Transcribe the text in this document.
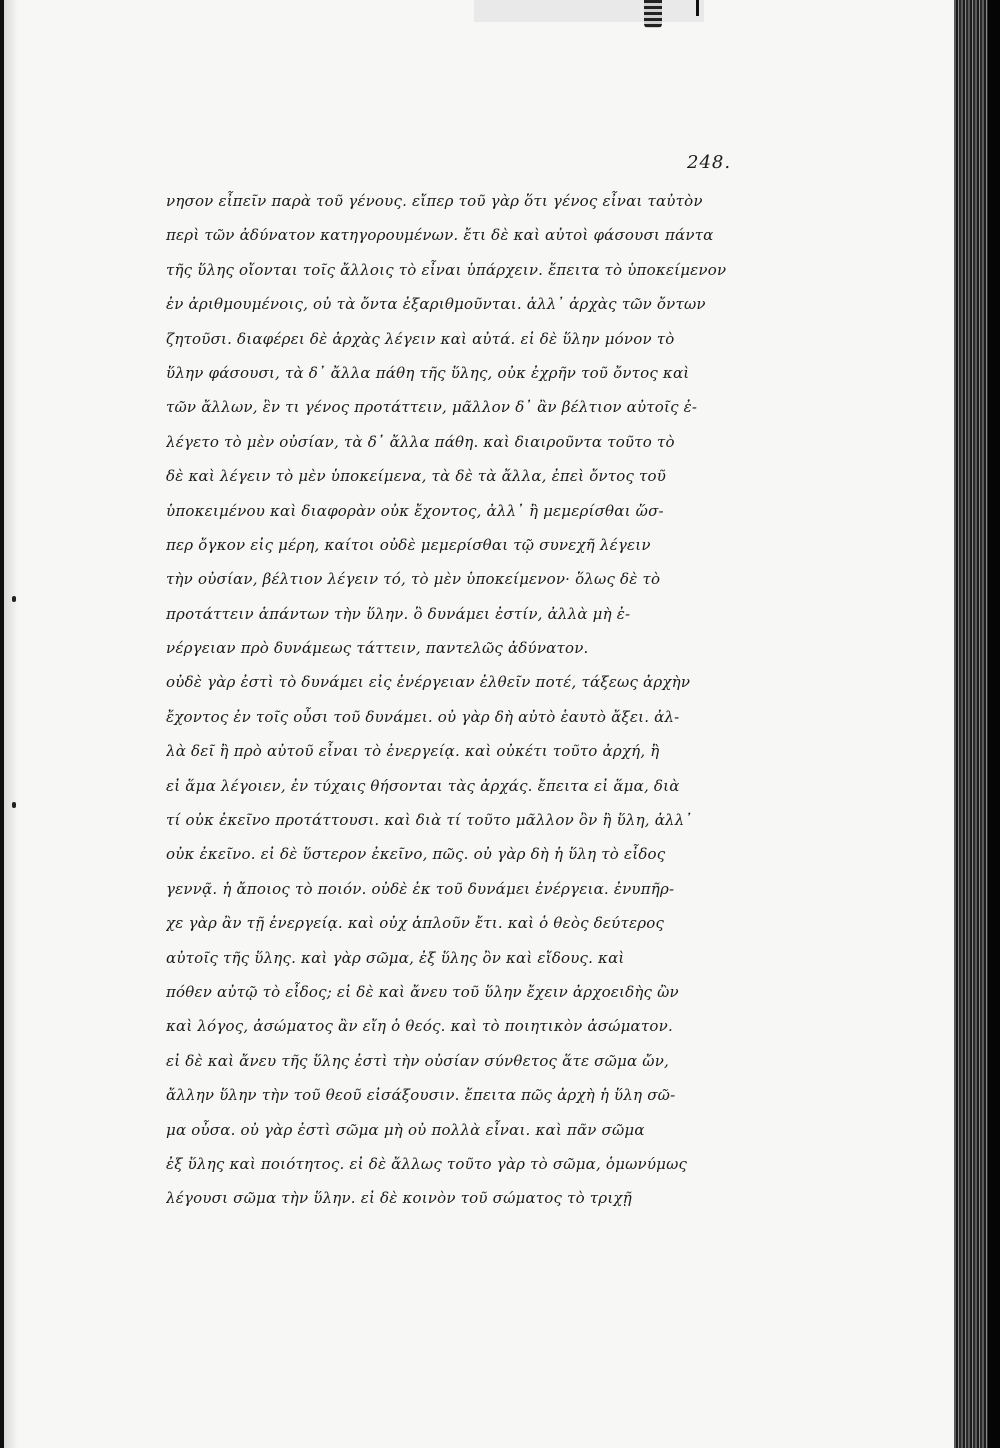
248.
νησον εἶπεῖν παρὰ τοῦ γένους. εἴπερ τοῦ γὰρ ὅτι γένος εἶναι ταὐτὸν
περὶ τῶν ἀδύνατον κατηγορουμένων. ἔτι δὲ καὶ αὐτοὶ φάσουσι πάντα
τῆς ὕλης οἴονται τοῖς ἄλλοις τὸ εἶναι ὑπάρχειν. ἔπειτα τὸ ὑποκείμενον
ἐν ἀριθμουμένοις, οὐ τὰ ὄντα ἐξαριθμοῦνται. ἀλλ᾽ ἀρχὰς τῶν ὄντων
ζητοῦσι. διαφέρει δὲ ἀρχὰς λέγειν καὶ αὐτά. εἰ δὲ ὕλην μόνον τὸ
ὕλην φάσουσι, τὰ δ᾽ ἄλλα πάθη τῆς ὕλης, οὐκ ἐχρῆν τοῦ ὄντος καὶ
τῶν ἄλλων, ἓν τι γένος προτάττειν, μᾶλλον δ᾽ ἂν βέλτιον αὐτοῖς ἐ-
λέγετο τὸ μὲν οὐσίαν, τὰ δ᾽ ἄλλα πάθη. καὶ διαιροῦντα τοῦτο τὸ
δὲ καὶ λέγειν τὸ μὲν ὑποκείμενα, τὰ δὲ τὰ ἄλλα, ἐπεὶ ὄντος τοῦ
ὑποκειμένου καὶ διαφορὰν οὐκ ἔχοντος, ἀλλ᾽ ἢ μεμερίσθαι ὥσ-
περ ὄγκον εἰς μέρη, καίτοι οὐδὲ μεμερίσθαι τῷ συνεχῆ λέγειν
τὴν οὐσίαν, βέλτιον λέγειν τό, τὸ μὲν ὑποκείμενον· ὅλως δὲ τὸ
προτάττειν ἁπάντων τὴν ὕλην. ὃ δυνάμει ἐστίν, ἀλλὰ μὴ ἐ-
νέργειαν πρὸ δυνάμεως τάττειν, παντελῶς ἀδύνατον.
οὐδὲ γὰρ ἐστὶ τὸ δυνάμει εἰς ἐνέργειαν ἐλθεῖν ποτέ, τάξεως ἀρχὴν
ἔχοντος ἐν τοῖς οὖσι τοῦ δυνάμει. οὐ γὰρ δὴ αὐτὸ ἑαυτὸ ἄξει. ἀλ-
λὰ δεῖ ἢ πρὸ αὐτοῦ εἶναι τὸ ἐνεργείᾳ. καὶ οὐκέτι τοῦτο ἀρχή, ἢ
εἰ ἅμα λέγοιεν, ἐν τύχαις θήσονται τὰς ἀρχάς. ἔπειτα εἰ ἅμα, διὰ
τί οὐκ ἐκεῖνο προτάττουσι. καὶ διὰ τί τοῦτο μᾶλλον ὂν ἢ ὕλη, ἀλλ᾽
οὐκ ἐκεῖνο. εἰ δὲ ὕστερον ἐκεῖνο, πῶς. οὐ γὰρ δὴ ἡ ὕλη τὸ εἶδος
γεννᾷ. ἡ ἄποιος τὸ ποιόν. οὐδὲ ἐκ τοῦ δυνάμει ἐνέργεια. ἐνυπῆρ-
χε γὰρ ἂν τῇ ἐνεργείᾳ. καὶ οὐχ ἁπλοῦν ἔτι. καὶ ὁ θεὸς δεύτερος
αὐτοῖς τῆς ὕλης. καὶ γὰρ σῶμα, ἐξ ὕλης ὂν καὶ εἴδους. καὶ
πόθεν αὐτῷ τὸ εἶδος; εἰ δὲ καὶ ἄνευ τοῦ ὕλην ἔχειν ἀρχοειδὴς ὢν
καὶ λόγος, ἀσώματος ἂν εἴη ὁ θεός. καὶ τὸ ποιητικὸν ἀσώματον.
εἰ δὲ καὶ ἄνευ τῆς ὕλης ἐστὶ τὴν οὐσίαν σύνθετος ἅτε σῶμα ὤν,
ἄλλην ὕλην τὴν τοῦ θεοῦ εἰσάξουσιν. ἔπειτα πῶς ἀρχὴ ἡ ὕλη σῶ-
μα οὖσα. οὐ γὰρ ἐστὶ σῶμα μὴ οὐ πολλὰ εἶναι. καὶ πᾶν σῶμα
ἐξ ὕλης καὶ ποιότητος. εἰ δὲ ἄλλως τοῦτο γὰρ τὸ σῶμα, ὁμωνύμως
λέγουσι σῶμα τὴν ὕλην. εἰ δὲ κοινὸν τοῦ σώματος τὸ τριχῇ
